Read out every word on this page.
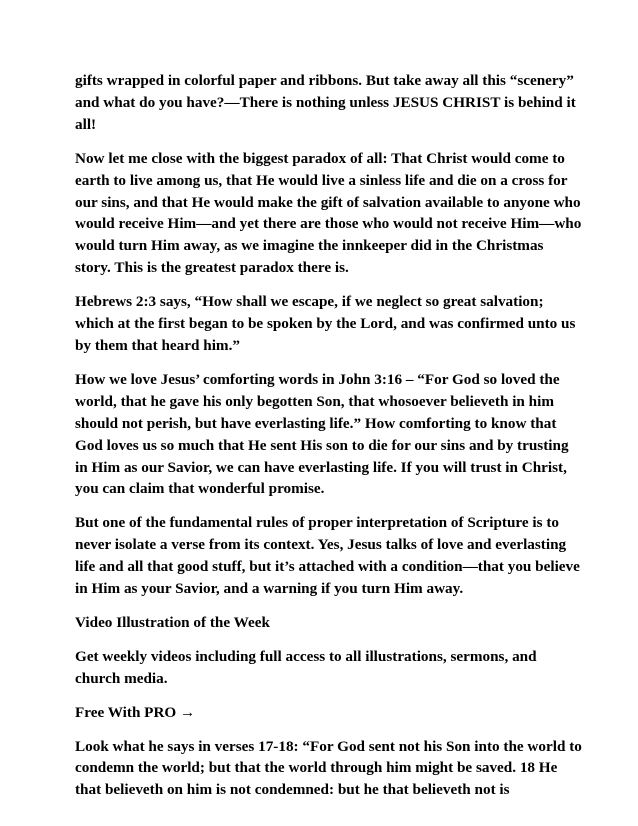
gifts wrapped in colorful paper and ribbons. But take away all this “scenery”
and what do you have?—There is nothing unless JESUS CHRIST is behind it
all!

Now let me close with the biggest paradox of all: That Christ would come to
earth to live among us, that He would live a sinless life and die on a cross for
our sins, and that He would make the gift of salvation available to anyone who
would receive Him—and yet there are those who would not receive Him—who
would turn Him away, as we imagine the innkeeper did in the Christmas
story. This is the greatest paradox there is.

Hebrews 2:3 says, “How shall we escape, if we neglect so great salvation;
which at the first began to be spoken by the Lord, and was confirmed unto us
by them that heard him.”

How we love Jesus’ comforting words in John 3:16 – “For God so loved the
world, that he gave his only begotten Son, that whosoever believeth in him
should not perish, but have everlasting life.” How comforting to know that
God loves us so much that He sent His son to die for our sins and by trusting
in Him as our Savior, we can have everlasting life. If you will trust in Christ,
you can claim that wonderful promise.

But one of the fundamental rules of proper interpretation of Scripture is to
never isolate a verse from its context. Yes, Jesus talks of love and everlasting
life and all that good stuff, but it’s attached with a condition—that you believe
in Him as your Savior, and a warning if you turn Him away.

Video Illustration of the Week

Get weekly videos including full access to all illustrations, sermons, and
church media.

Free With PRO →

Look what he says in verses 17-18: “For God sent not his Son into the world to
condemn the world; but that the world through him might be saved. 18 He
that believeth on him is not condemned: but he that believeth not is
